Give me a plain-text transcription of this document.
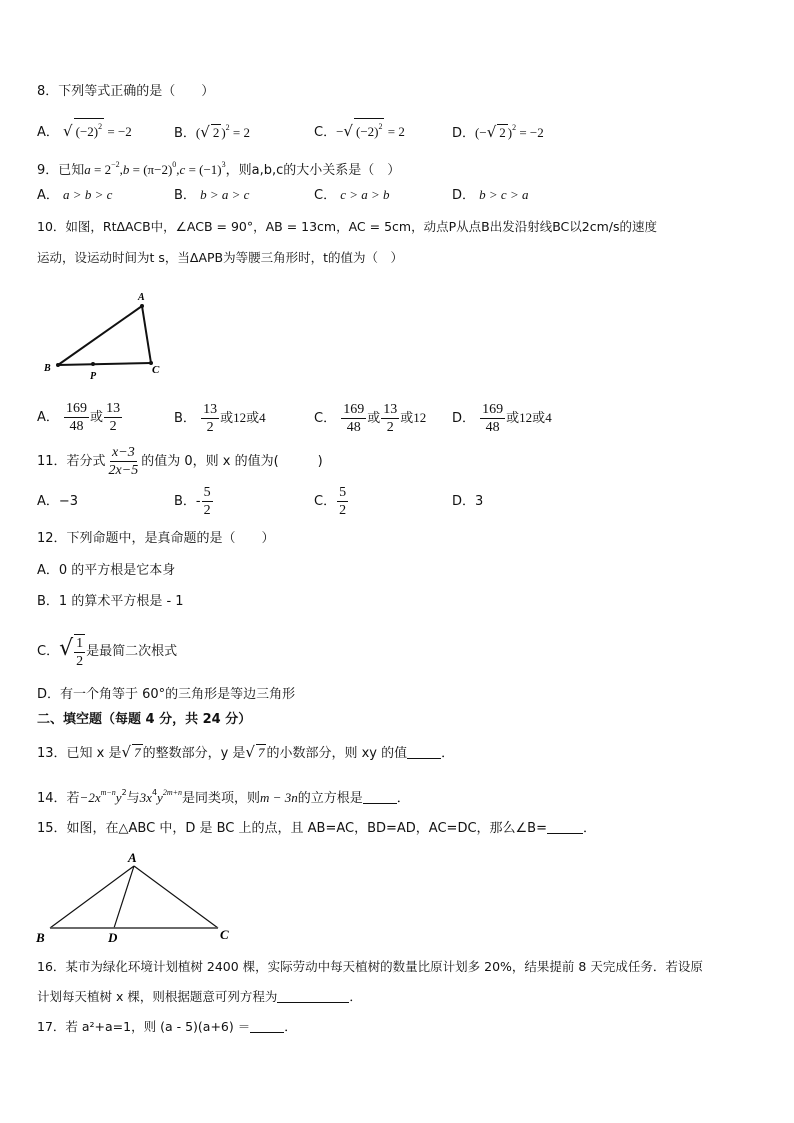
8．下列等式正确的是（　　）
A． √ $(-2)^2 = -2$	B．(√ 2 )$^2$ = 2	C．−√ $(-2)^2 = 2$	D．(−√ 2 )$^2$ = −2
9．已知$a = 2^{-2},b = (\pi-2)^0,c = (-1)^3$，则a,b,c的大小关系是（　）
A． a > b > c	B． b > a > c	C． c > a > b	D． b > c > a
10．如图，RtΔACB中，∠ACB = 90°，AB = 13cm，AC = 5cm，动点P从点B出发沿射线BC以2cm/s的速度
运动，设运动时间为t s，当ΔAPB为等腰三角形时，t的值为（　）
A
B	C
P
A． $\frac{169}{48}$ 或 $\frac{13}{2}$	B． $\frac{13}{2}$ 或12或4	C． $\frac{169}{48}$ 或 $\frac{13}{2}$ 或12 D． $\frac{169}{48}$ 或12或4
11．若分式 $\frac{x-3}{2x-5}$ 的值为 0，则 x 的值为(　　　)
A．−3	B．- $\frac{5}{2}$	C． $\frac{5}{2}$	D．3
12．下列命题中，是真命题的是（　　）
A．0 的平方根是它本身
B．1 的算术平方根是 - 1
C．√ $\frac{1}{2}$ 是最简二次根式
D．有一个角等于 60°的三角形是等边三角形
二、填空题（每题 4 分，共 24 分）
13．已知 x 是√ 7 的整数部分，y 是√ 7 的小数部分，则 xy 的值	．
14．若$-2x^{m-n}y^2$与$3x^4y^{2m+n}$是同类项，则m − 3n的立方根是	．
15．如图，在△ABC 中，D 是 BC 上的点，且 AB=AC，BD=AD，AC=DC，那么∠B=	．
A
B	D	C
16．某市为绿化环境计划植树 2400 棵，实际劳动中每天植树的数量比原计划多 20%，结果提前 8 天完成任务．若设原
计划每天植树 x 棵，则根据题意可列方程为	．
17．若 a²+a=1，则 (a - 5)(a+6) ＝	．
